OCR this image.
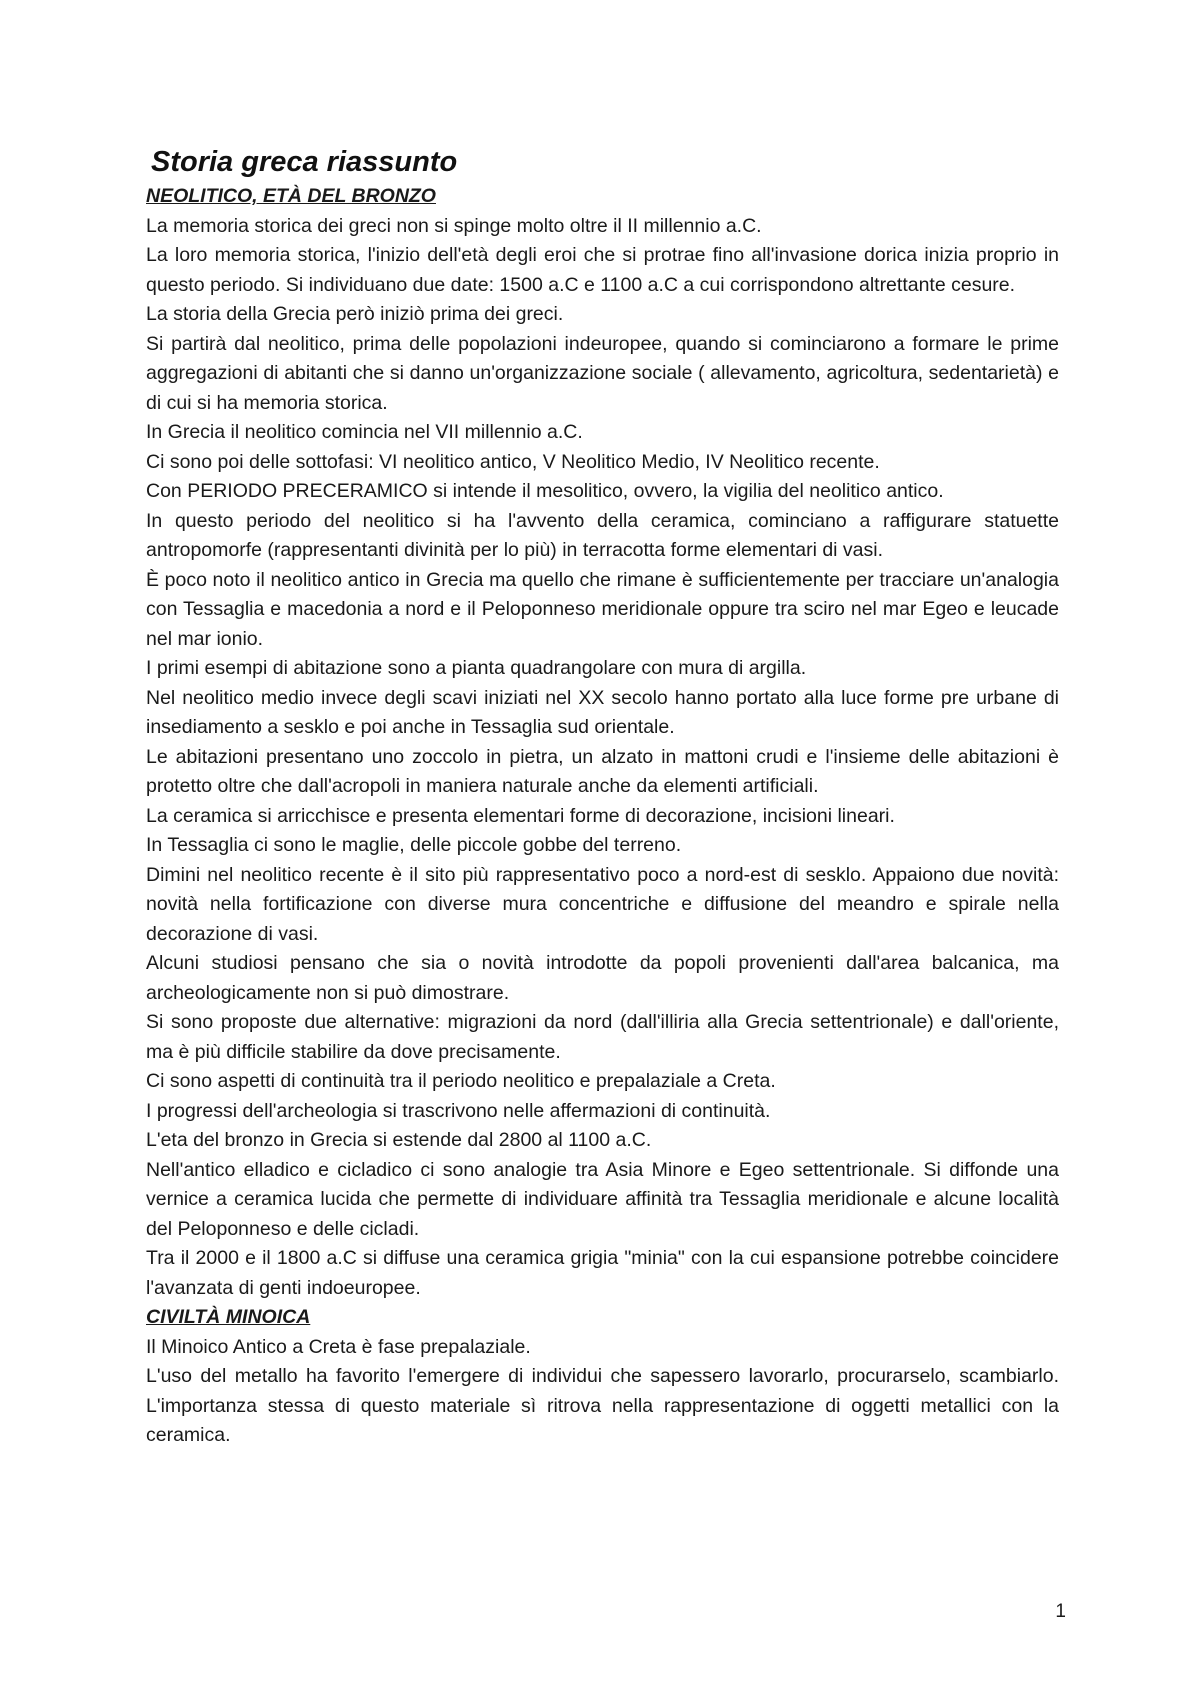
Storia greca riassunto
NEOLITICO, ETÀ DEL BRONZO

La memoria storica dei greci non si spinge molto oltre il II millennio a.C.

La loro memoria storica, l'inizio dell'età degli eroi che si protrae fino all'invasione dorica inizia proprio in questo periodo. Si individuano due date: 1500 a.C e 1100 a.C a cui corrispondono altrettante cesure.

La storia della Grecia però iniziò prima dei greci.

Si partirà dal neolitico, prima delle popolazioni indeuropee, quando si cominciarono a formare le prime aggregazioni di abitanti che si danno un'organizzazione sociale ( allevamento, agricoltura, sedentarietà) e di cui si ha memoria storica.

In Grecia il neolitico comincia nel VII millennio a.C.

Ci sono poi delle sottofasi: VI neolitico antico, V Neolitico Medio, IV Neolitico recente.

Con PERIODO PRECERAMICO si intende il mesolitico, ovvero, la vigilia del neolitico antico.

In questo periodo del neolitico si ha l'avvento della ceramica, cominciano a raffigurare statuette antropomorfe (rappresentanti divinità per lo più) in terracotta forme elementari di vasi.

È poco noto il neolitico antico in Grecia ma quello che rimane è sufficientemente per tracciare un'analogia con Tessaglia e macedonia a nord e il Peloponneso meridionale oppure tra sciro nel mar Egeo e leucade nel mar ionio.

I primi esempi di abitazione sono a pianta quadrangolare con mura di argilla.

Nel neolitico medio invece degli scavi iniziati nel XX secolo hanno portato alla luce forme pre urbane di insediamento a sesklo e poi anche in Tessaglia sud orientale.

Le abitazioni presentano uno zoccolo in pietra, un alzato in mattoni crudi e l'insieme delle abitazioni è protetto oltre che dall'acropoli in maniera naturale anche da elementi artificiali.

La ceramica si arricchisce e presenta elementari forme di decorazione, incisioni lineari.

In Tessaglia ci sono le maglie, delle piccole gobbe del terreno.

Dimini nel neolitico recente è il sito più rappresentativo poco a nord-est di sesklo. Appaiono due novità: novità nella fortificazione con diverse mura concentriche e diffusione del meandro e spirale nella decorazione di vasi.

Alcuni studiosi pensano che sia o novità introdotte da popoli provenienti dall'area balcanica, ma archeologicamente non si può dimostrare.

Si sono proposte due alternative: migrazioni da nord (dall'illiria alla Grecia settentrionale) e dall'oriente, ma è più difficile stabilire da dove precisamente.

Ci sono aspetti di continuità tra il periodo neolitico e prepalaziale a Creta.

I progressi dell'archeologia si trascrivono nelle affermazioni di continuità.

L'eta del bronzo in Grecia si estende dal 2800 al 1100 a.C.

Nell'antico elladico e cicladico ci sono analogie tra Asia Minore e Egeo settentrionale. Si diffonde una vernice a ceramica lucida che permette di individuare affinità tra Tessaglia meridionale e alcune località del Peloponneso e delle cicladi.

Tra il 2000 e il 1800 a.C si diffuse una ceramica grigia "minia" con la cui espansione potrebbe coincidere l'avanzata di genti indoeuropee.

CIVILTÀ MINOICA

Il Minoico Antico a Creta è fase prepalaziale.

L'uso del metallo ha favorito l'emergere di individui che sapessero lavorarlo, procurarselo, scambiarlo. L'importanza stessa di questo materiale sì ritrova nella rappresentazione di oggetti metallici con la ceramica.

1
